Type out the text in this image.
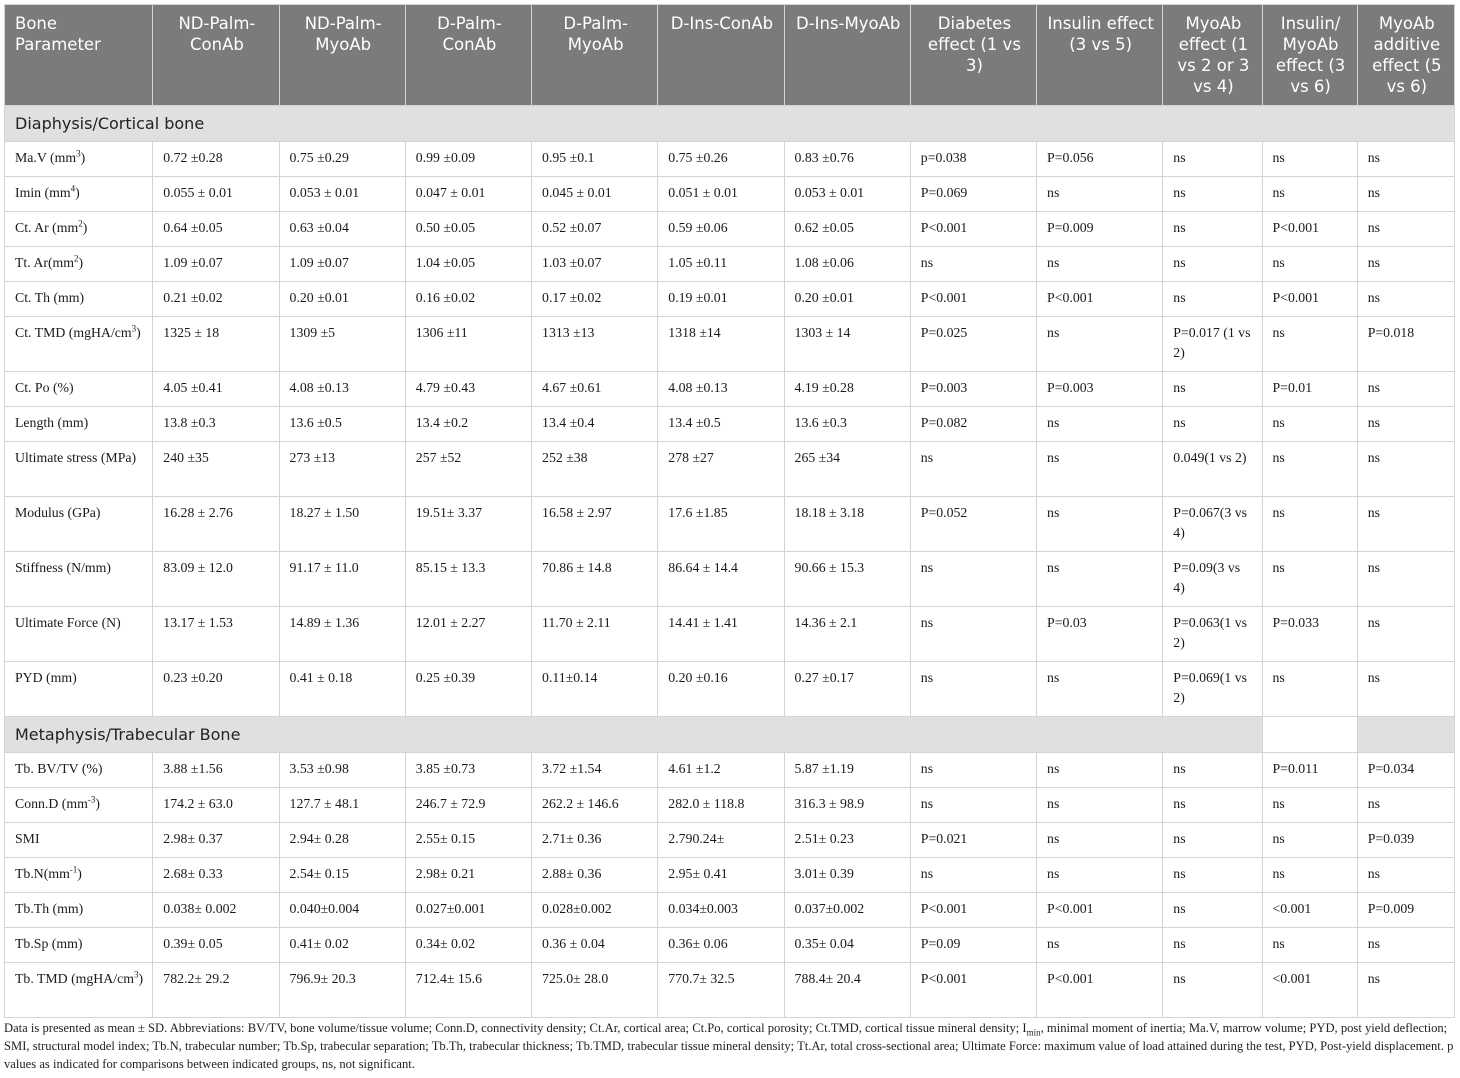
Bone Parameter	ND-Palm-ConAb	ND-Palm-MyoAb	D-Palm-ConAb	D-Palm-MyoAb	D-Ins-ConAb	D-Ins-MyoAb	Diabetes effect (1 vs 3)	Insulin effect (3 vs 5)	MyoAb effect (1 vs 2 or 3 vs 4)	Insulin/ MyoAb effect (3 vs 6)	MyoAb additive effect (5 vs 6)
Diaphysis/Cortical bone											
Ma.V $(mm^3)$	0.72 ±0.28	0.75 ±0.29	0.99 ±0.09	0.95 ±0.1	0.75 ±0.26	0.83 ±0.76	p=0.038	P=0.056	ns	ns	ns
Imin $(mm^4)$	0.055 ± 0.01	0.053 ± 0.01	0.047 ± 0.01	0.045 ± 0.01	0.051 ± 0.01	0.053 ± 0.01	P=0.069	ns	ns	ns	ns
Ct. Ar $(mm^2)$	0.64 ±0.05	0.63 ±0.04	0.50 ±0.05	0.52 ±0.07	0.59 ±0.06	0.62 ±0.05	P<0.001	P=0.009	ns	P<0.001	ns
Tt. $Ar(mm^2)$	1.09 ±0.07	1.09 ±0.07	1.04 ±0.05	1.03 ±0.07	1.05 ±0.11	1.08 ±0.06	ns	ns	ns	ns	ns
Ct. Th (mm)	0.21 ±0.02	0.20 ±0.01	0.16 ±0.02	0.17 ±0.02	0.19 ±0.01	0.20 ±0.01	P<0.001	P<0.001	ns	P<0.001	ns
Ct. TMD $(mgHA/cm^3)$	1325 ± 18	1309 ±5	1306 ±11	1313 ±13	1318 ±14	1303 ± 14	P=0.025	ns	P=0.017 (1 vs 2)	ns	P=0.018
Ct. Po (%)	4.05 ±0.41	4.08 ±0.13	4.79 ±0.43	4.67 ±0.61	4.08 ±0.13	4.19 ±0.28	P=0.003	P=0.003	ns	P=0.01	ns
Length (mm)	13.8 ±0.3	13.6 ±0.5	13.4 ±0.2	13.4 ±0.4	13.4 ±0.5	13.6 ±0.3	P=0.082	ns	ns	ns	ns
Ultimate stress (MPa)	240 ±35	273 ±13	257 ±52	252 ±38	278 ±27	265 ±34	ns	ns	0.049(1 vs 2)	ns	ns
Modulus (GPa)	16.28 ± 2.76	18.27 ± 1.50	19.51± 3.37	16.58 ± 2.97	17.6 ±1.85	18.18 ± 3.18	P=0.052	ns	P=0.067(3 vs 4)	ns	ns
Stiffness (N/mm)	83.09 ± 12.0	91.17 ± 11.0	85.15 ± 13.3	70.86 ± 14.8	86.64 ± 14.4	90.66 ± 15.3	ns	ns	P=0.09(3 vs 4)	ns	ns
Ultimate Force (N)	13.17 ± 1.53	14.89 ± 1.36	12.01 ± 2.27	11.70 ± 2.11	14.41 ± 1.41	14.36 ± 2.1	ns	P=0.03	P=0.063(1 vs 2)	P=0.033	ns
PYD (mm)	0.23 ±0.20	0.41 ± 0.18	0.25 ±0.39	0.11±0.14	0.20 ±0.16	0.27 ±0.17	ns	ns	P=0.069(1 vs 2)	ns	ns
Metaphysis/Trabecular Bone											
Tb. BV/TV (%)	3.88 ±1.56	3.53 ±0.98	3.85 ±0.73	3.72 ±1.54	4.61 ±1.2	5.87 ±1.19	ns	ns	ns	P=0.011	P=0.034
Conn.D $(mm^{-3})$	174.2 ± 63.0	127.7 ± 48.1	246.7 ± 72.9	262.2 ± 146.6	282.0 ± 118.8	316.3 ± 98.9	ns	ns	ns	ns	ns
SMI	2.98± 0.37	2.94± 0.28	2.55± 0.15	2.71± 0.36	2.790.24±	2.51± 0.23	P=0.021	ns	ns	ns	P=0.039
$Tb.N(mm^{-1})$	2.68± 0.33	2.54± 0.15	2.98± 0.21	2.88± 0.36	2.95± 0.41	3.01± 0.39	ns	ns	ns	ns	ns
Tb.Th (mm)	0.038± 0.002	0.040±0.004	0.027±0.001	0.028±0.002	0.034±0.003	0.037±0.002	P<0.001	P<0.001	ns	<0.001	P=0.009
Tb.Sp (mm)	0.39± 0.05	0.41± 0.02	0.34± 0.02	0.36 ± 0.04	0.36± 0.06	0.35± 0.04	P=0.09	ns	ns	ns	ns
Tb. TMD $(mgHA/cm^3)$	782.2± 29.2	796.9± 20.3	712.4± 15.6	725.0± 28.0	770.7± 32.5	788.4± 20.4	P<0.001	P<0.001	ns	<0.001	ns
Data is presented as mean ± SD. Abbreviations: BV/TV, bone volume/tissue volume; Conn.D, connectivity density; Ct.Ar, cortical area; Ct.Po, cortical porosity; Ct.TMD, cortical tissue mineral density; $I_{min}$, minimal moment of inertia; Ma.V, marrow volume; PYD, post yield deflection; SMI, structural model index; Tb.N, trabecular number; Tb.Sp, trabecular separation; Tb.Th, trabecular thickness; Tb.TMD, trabecular tissue mineral density; Tt.Ar, total cross-sectional area; Ultimate Force: maximum value of load attained during the test, PYD, Post-yield displacement. p values as indicated for comparisons between indicated groups, ns, not significant.
